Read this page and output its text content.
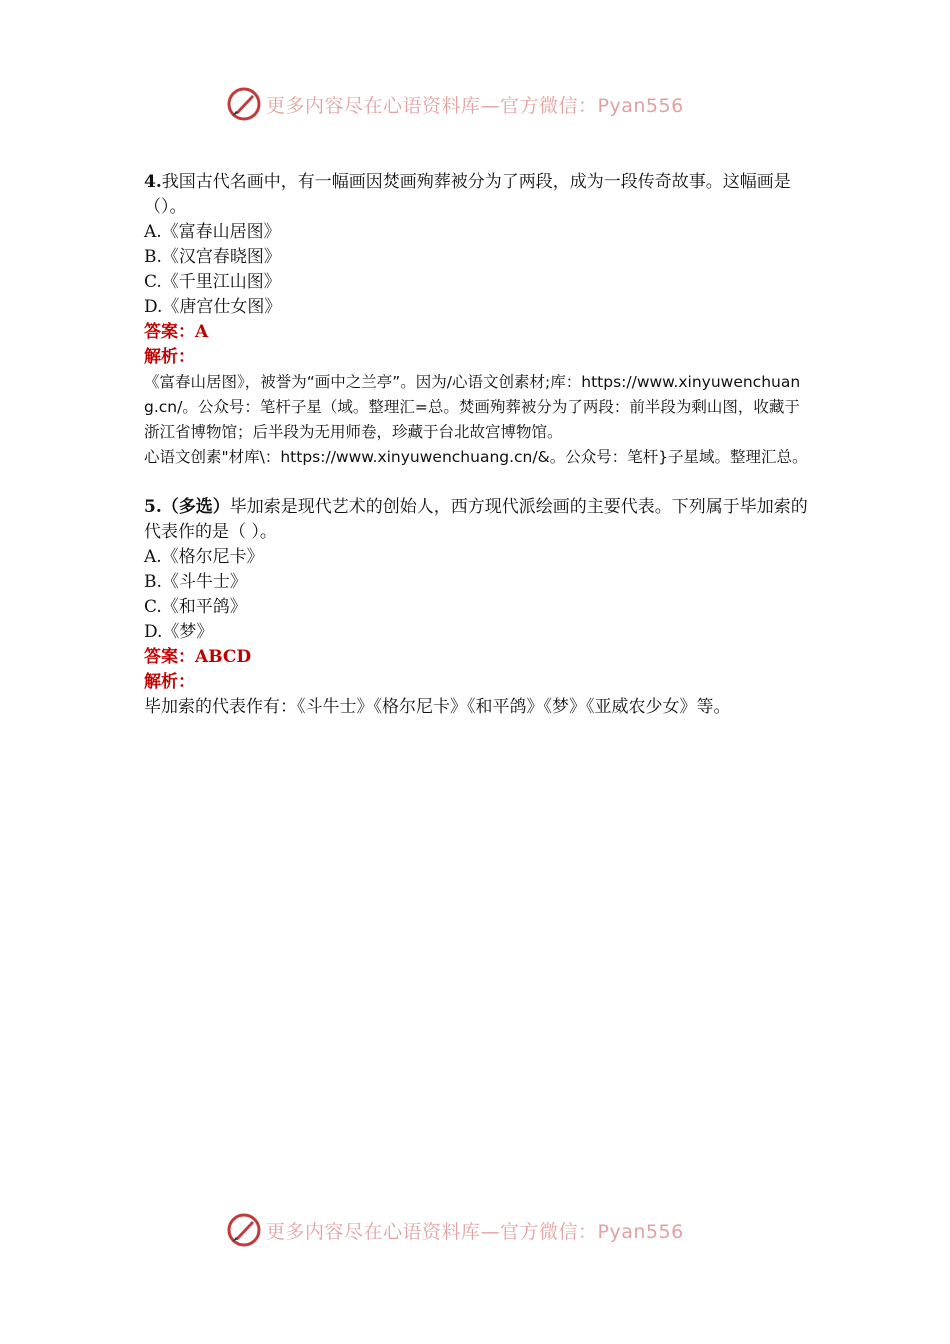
更多内容尽在心语资料库—官方微信：Pyan556
4.我国古代名画中，有一幅画因焚画殉葬被分为了两段，成为一段传奇故事。这幅画是（）。
A.《富春山居图》
B.《汉宫春晓图》
C.《千里江山图》
D.《唐宫仕女图》
答案：A
解析：
《富春山居图》，被誉为“画中之兰亭”。因为/心语文创素材;库：https://www.xinyuwenchuang.cn/。公众号：笔杆子星（域。整理汇=总。焚画殉葬被分为了两段：前半段为剩山图，收藏于浙江省博物馆；后半段为无用师卷，珍藏于台北故宫博物馆。
心语文创素"材库\：https://www.xinyuwenchuang.cn/&。公众号：笔杆}子星域。整理汇总。
5.（多选）毕加索是现代艺术的创始人，西方现代派绘画的主要代表。下列属于毕加索的代表作的是（ ）。
A.《格尔尼卡》
B.《斗牛士》
C.《和平鸽》
D.《梦》
答案：ABCD
解析：
毕加索的代表作有：《斗牛士》《格尔尼卡》《和平鸽》《梦》《亚威农少女》等。
更多内容尽在心语资料库—官方微信：Pyan556
